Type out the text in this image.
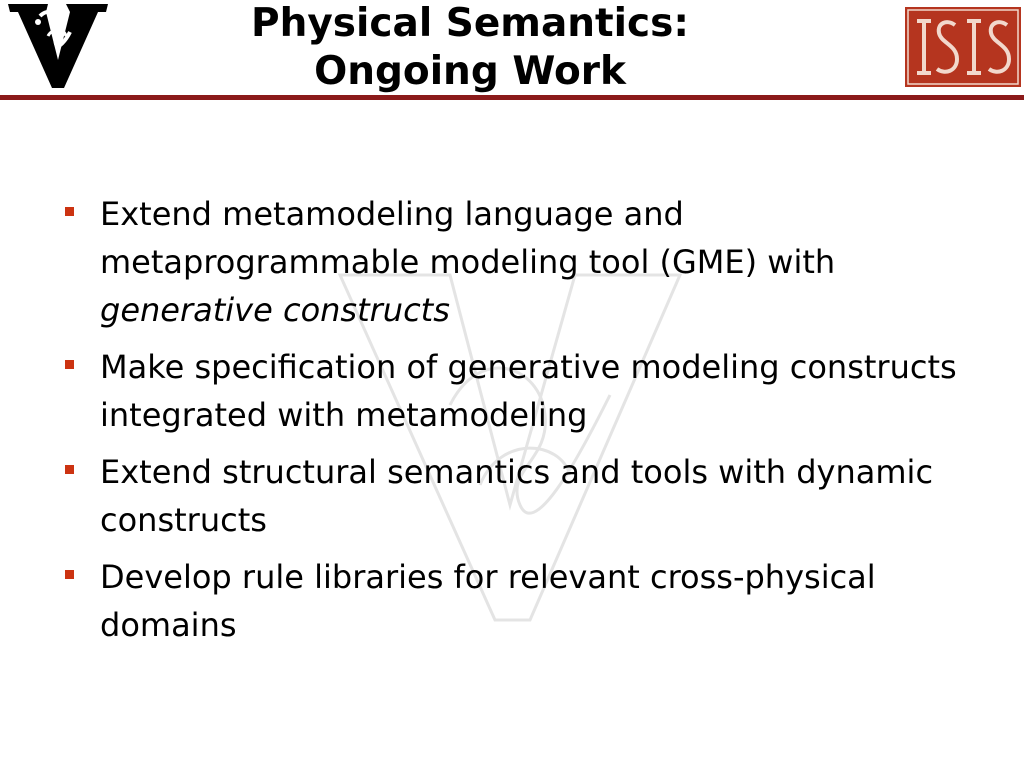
Physical Semantics:
Ongoing Work
Extend metamodeling language and metaprogrammable modeling tool (GME) with generative constructs
Make specification of generative modeling constructs integrated with metamodeling
Extend structural semantics and tools with dynamic constructs
Develop rule libraries for relevant cross-physical domains
